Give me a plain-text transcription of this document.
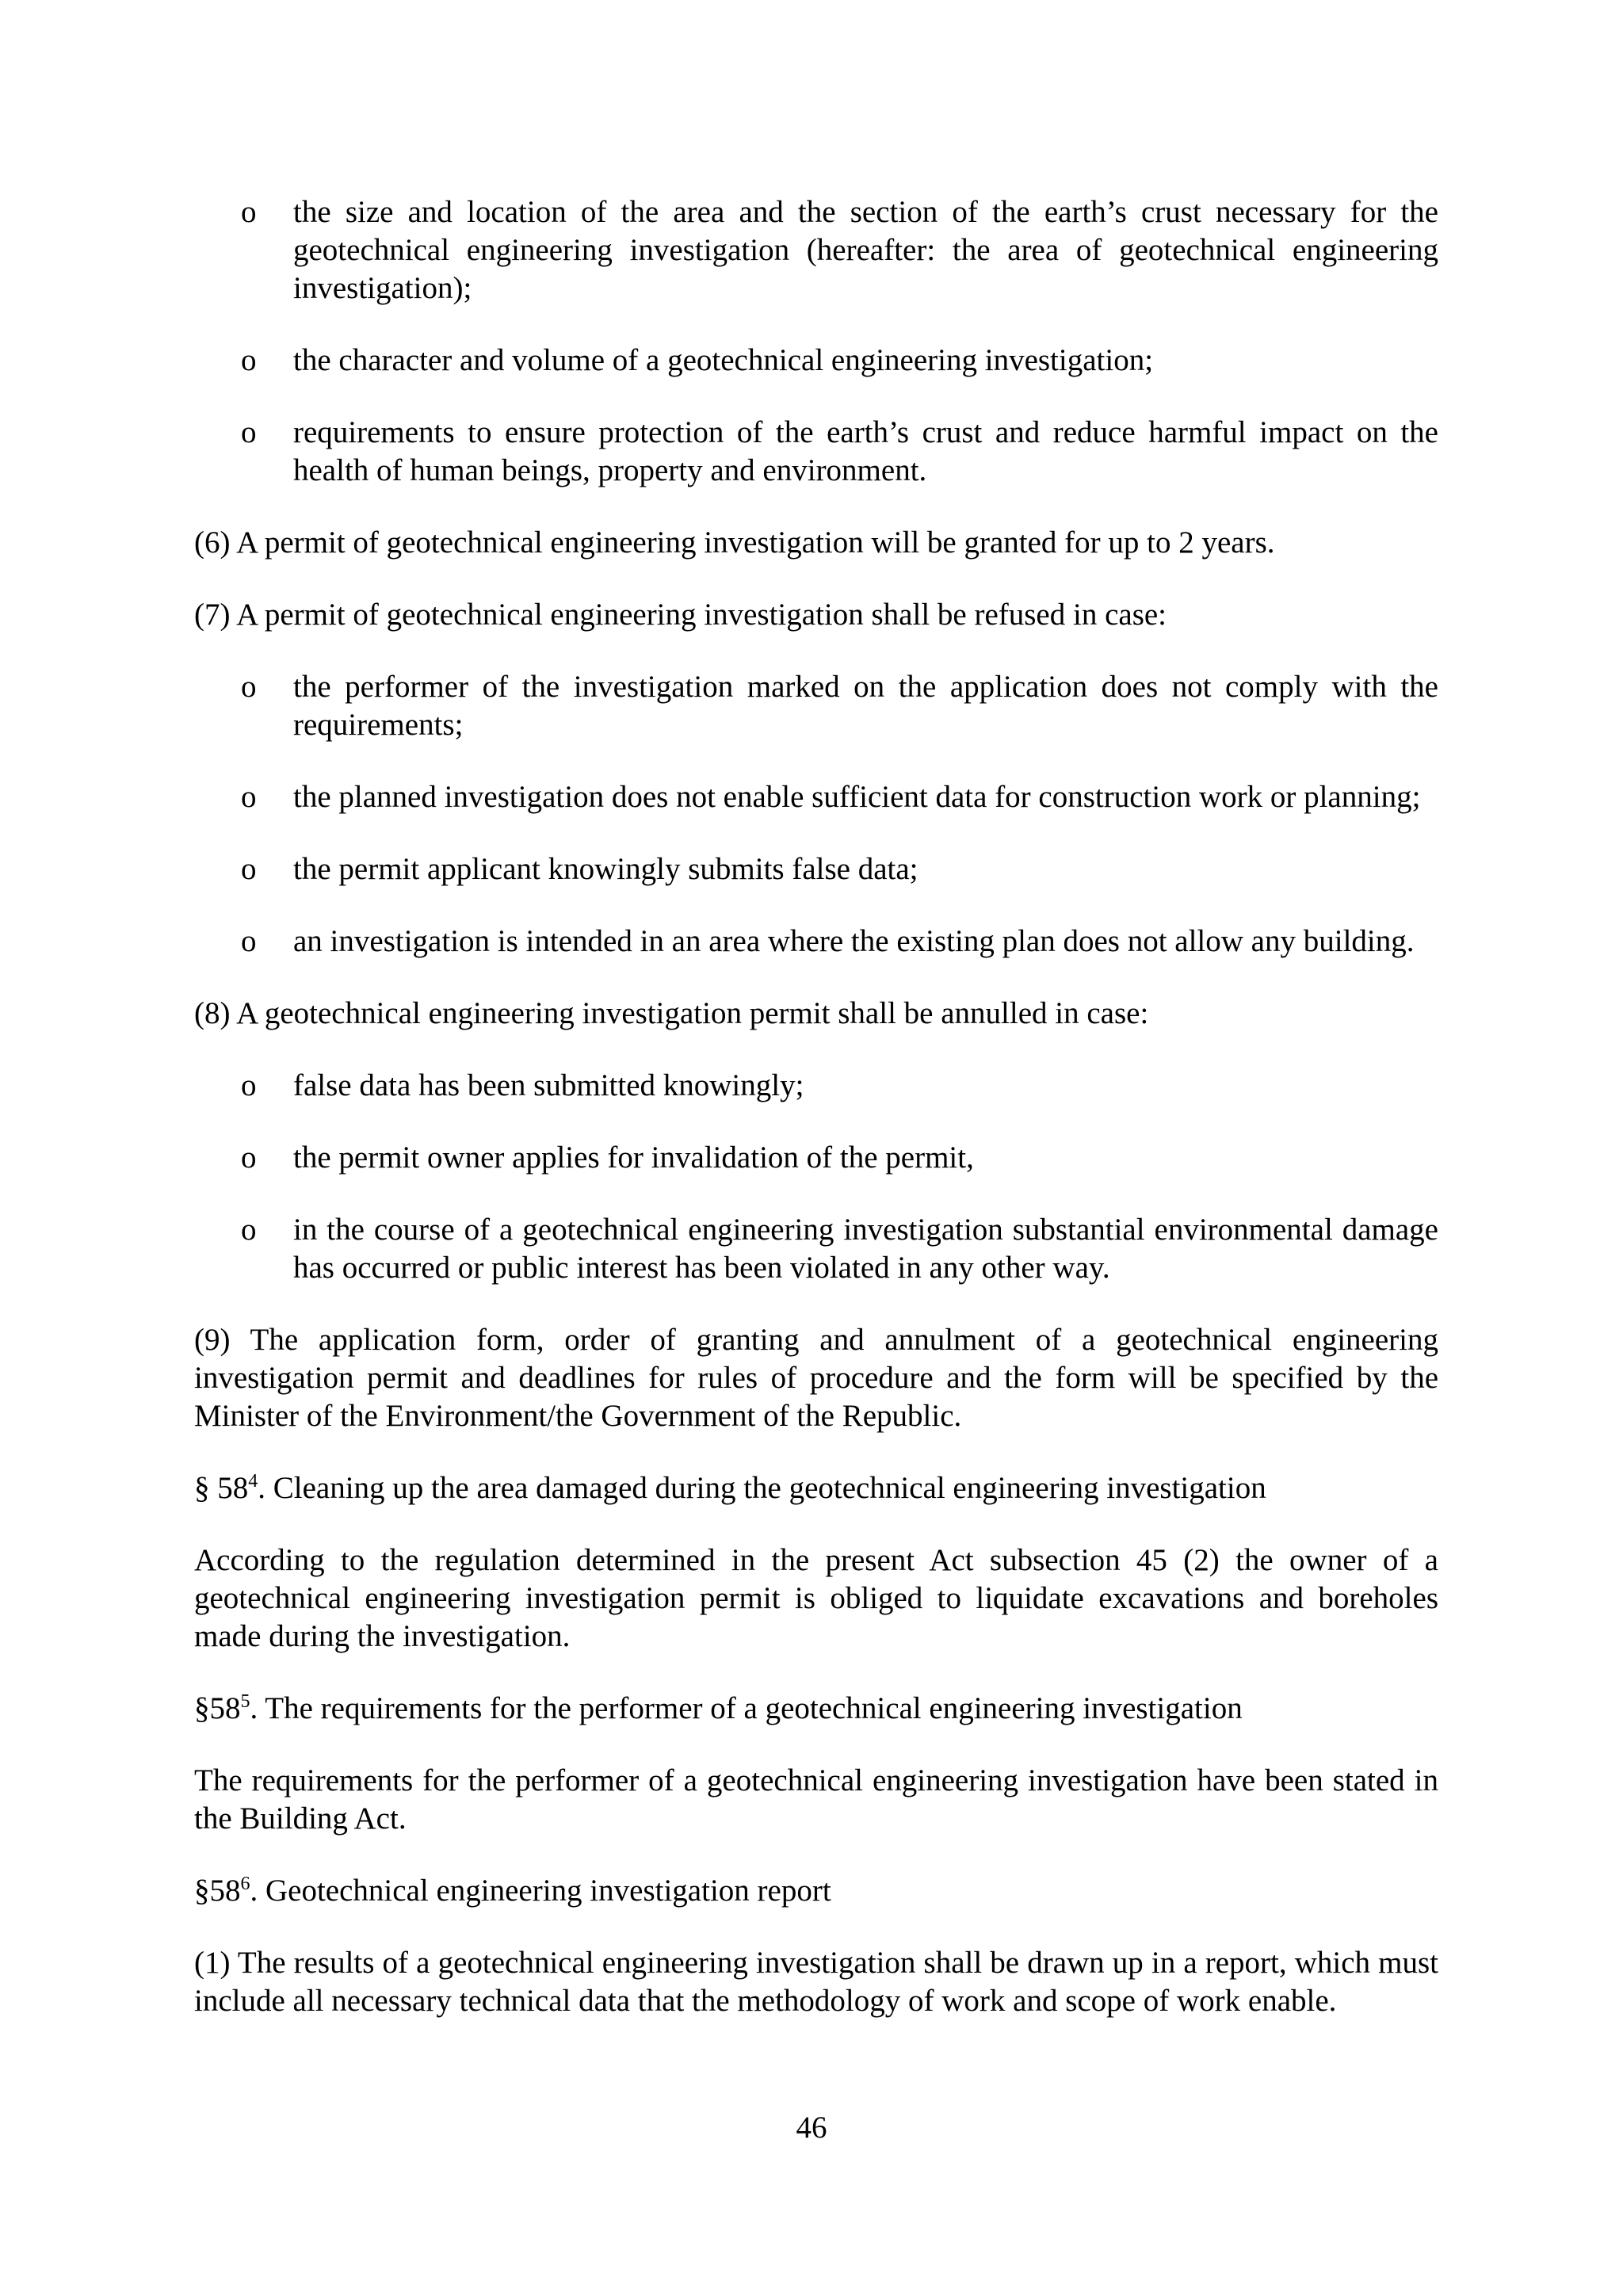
o the size and location of the area and the section of the earth’s crust necessary for the geotechnical engineering investigation (hereafter: the area of geotechnical engineering investigation);
o the character and volume of a geotechnical engineering investigation;
o requirements to ensure protection of the earth’s crust and reduce harmful impact on the health of human beings, property and environment.

(6) A permit of geotechnical engineering investigation will be granted for up to 2 years.

(7) A permit of geotechnical engineering investigation shall be refused in case:

o the performer of the investigation marked on the application does not comply with the requirements;
o the planned investigation does not enable sufficient data for construction work or planning;
o the permit applicant knowingly submits false data;
o an investigation is intended in an area where the existing plan does not allow any building.

(8) A geotechnical engineering investigation permit shall be annulled in case:

o false data has been submitted knowingly;
o the permit owner applies for invalidation of the permit,
o in the course of a geotechnical engineering investigation substantial environmental damage has occurred or public interest has been violated in any other way.

(9) The application form, order of granting and annulment of a geotechnical engineering investigation permit and deadlines for rules of procedure and the form will be specified by the Minister of the Environment/the Government of the Republic.

§ $58^4$. Cleaning up the area damaged during the geotechnical engineering investigation

According to the regulation determined in the present Act subsection 45 (2) the owner of a geotechnical engineering investigation permit is obliged to liquidate excavations and boreholes made during the investigation.

$\S 58^5$. The requirements for the performer of a geotechnical engineering investigation

The requirements for the performer of a geotechnical engineering investigation have been stated in the Building Act.

$\S 58^6$. Geotechnical engineering investigation report

(1) The results of a geotechnical engineering investigation shall be drawn up in a report, which must include all necessary technical data that the methodology of work and scope of work enable.

46
